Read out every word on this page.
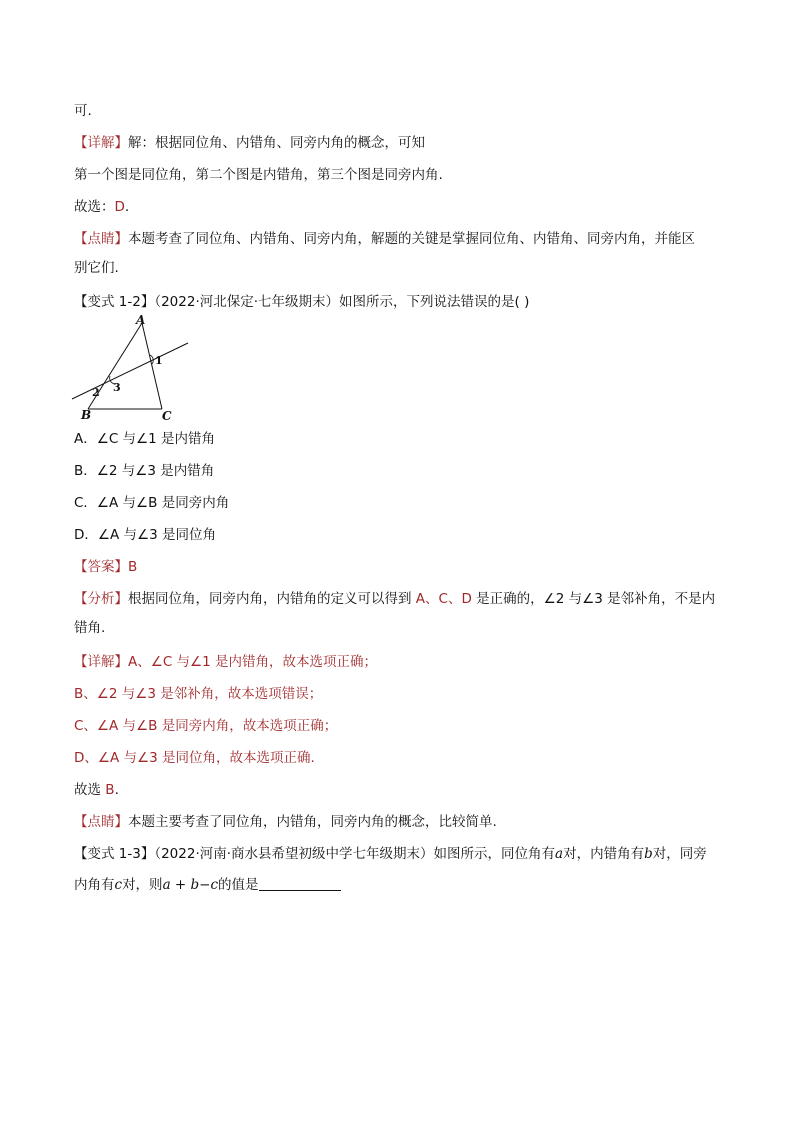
可.
【详解】解：根据同位角、内错角、同旁内角的概念，可知
第一个图是同位角，第二个图是内错角，第三个图是同旁内角.
故选：D.
【点睛】本题考查了同位角、内错角、同旁内角，解题的关键是掌握同位角、内错角、同旁内角，并能区
别它们.
【变式 1-2】（2022·河北保定·七年级期末）如图所示，下列说法错误的是( )
A
B	C
1
2 3
A．∠C 与∠1 是内错角
B．∠2 与∠3 是内错角
C．∠A 与∠B 是同旁内角
D．∠A 与∠3 是同位角
【答案】B
【分析】根据同位角，同旁内角，内错角的定义可以得到 A、C、D 是正确的，∠2 与∠3 是邻补角，不是内
错角.
【详解】A、∠C 与∠1 是内错角，故本选项正确；
B、∠2 与∠3 是邻补角，故本选项错误；
C、∠A 与∠B 是同旁内角，故本选项正确；
D、∠A 与∠3 是同位角，故本选项正确.
故选 B.
【点睛】本题主要考查了同位角，内错角，同旁内角的概念，比较简单.
【变式 1-3】（2022·河南·商水县希望初级中学七年级期末）如图所示，同位角有a对，内错角有b对，同旁
内角有c对，则a + b−c的值是
